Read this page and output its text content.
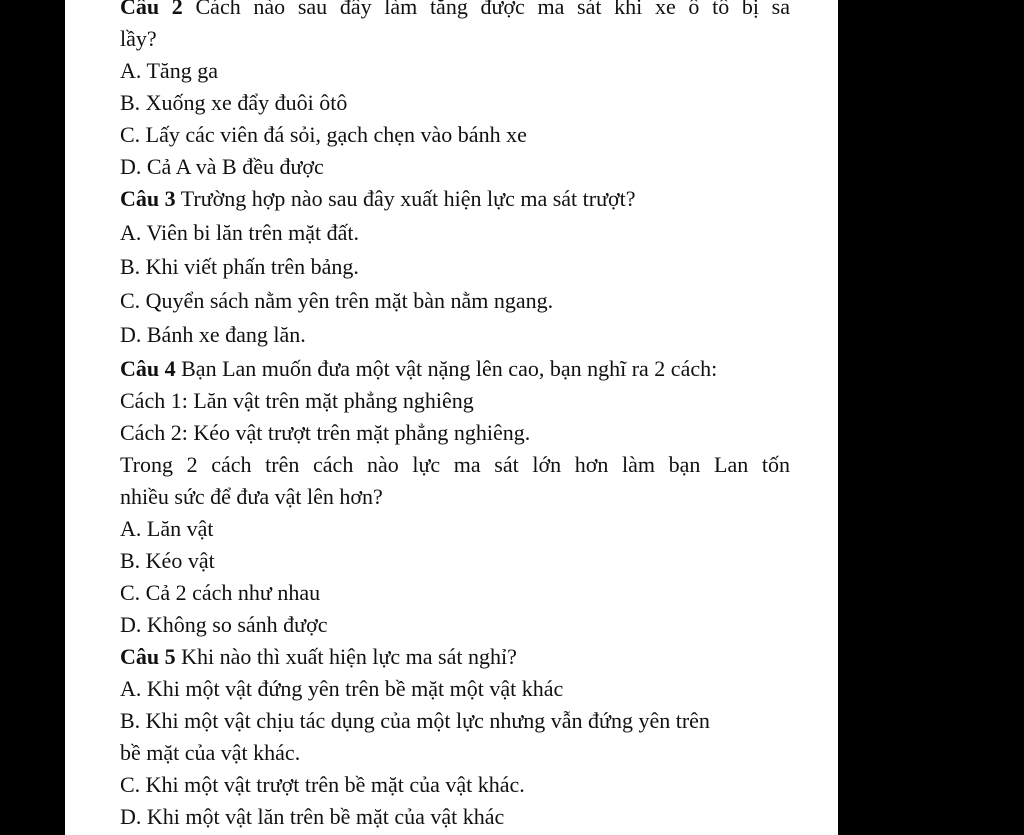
Câu 2 Cách nào sau đây làm tăng được ma sát khi xe ô tô bị sa
lầy?
A. Tăng ga
B. Xuống xe đẩy đuôi ôtô
C. Lấy các viên đá sỏi, gạch chẹn vào bánh xe
D. Cả A và B đều được
Câu 3 Trường hợp nào sau đây xuất hiện lực ma sát trượt?
A. Viên bi lăn trên mặt đất.
B. Khi viết phấn trên bảng.
C. Quyển sách nằm yên trên mặt bàn nằm ngang.
D. Bánh xe đang lăn.
Câu 4 Bạn Lan muốn đưa một vật nặng lên cao, bạn nghĩ ra 2 cách:
Cách 1: Lăn vật trên mặt phẳng nghiêng
Cách 2: Kéo vật trượt trên mặt phẳng nghiêng.
Trong 2 cách trên cách nào lực ma sát lớn hơn làm bạn Lan tốn
nhiều sức để đưa vật lên hơn?
A. Lăn vật
B. Kéo vật
C. Cả 2 cách như nhau
D. Không so sánh được
Câu 5 Khi nào thì xuất hiện lực ma sát nghỉ?
A. Khi một vật đứng yên trên bề mặt một vật khác
B. Khi một vật chịu tác dụng của một lực nhưng vẫn đứng yên trên
bề mặt của vật khác.
C. Khi một vật trượt trên bề mặt của vật khác.
D. Khi một vật lăn trên bề mặt của vật khác
